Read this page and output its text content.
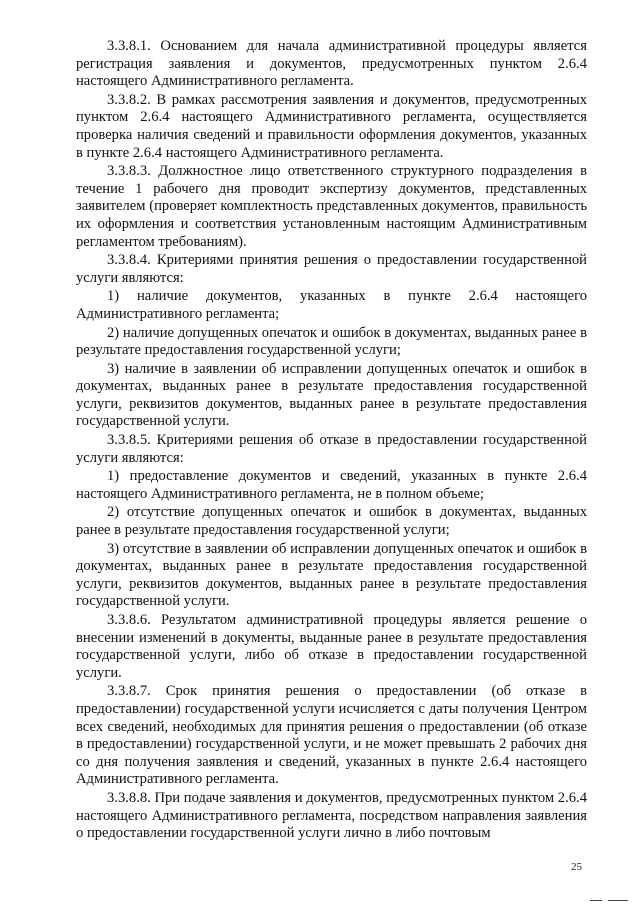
3.3.8.1. Основанием для начала административной процедуры является регистрация заявления и документов, предусмотренных пунктом 2.6.4 настоящего Административного регламента.

3.3.8.2. В рамках рассмотрения заявления и документов, предусмотренных пунктом 2.6.4 настоящего Административного регламента, осуществляется проверка наличия сведений и правильности оформления документов, указанных в пункте 2.6.4 настоящего Административного регламента.

3.3.8.3. Должностное лицо ответственного структурного подразделения в течение 1 рабочего дня проводит экспертизу документов, представленных заявителем (проверяет комплектность представленных документов, правильность их оформления и соответствия установленным настоящим Административным регламентом требованиям).

3.3.8.4. Критериями принятия решения о предоставлении государственной услуги являются:

1) наличие документов, указанных в пункте 2.6.4 настоящего Административного регламента;

2) наличие допущенных опечаток и ошибок в документах, выданных ранее в результате предоставления государственной услуги;

3) наличие в заявлении об исправлении допущенных опечаток и ошибок в документах, выданных ранее в результате предоставления государственной услуги, реквизитов документов, выданных ранее в результате предоставления государственной услуги.

3.3.8.5. Критериями решения об отказе в предоставлении государственной услуги являются:

1) предоставление документов и сведений, указанных в пункте 2.6.4 настоящего Административного регламента, не в полном объеме;

2) отсутствие допущенных опечаток и ошибок в документах, выданных ранее в результате предоставления государственной услуги;

3) отсутствие в заявлении об исправлении допущенных опечаток и ошибок в документах, выданных ранее в результате предоставления государственной услуги, реквизитов документов, выданных ранее в результате предоставления государственной услуги.

3.3.8.6. Результатом административной процедуры является решение о внесении изменений в документы, выданные ранее в результате предоставления государственной услуги, либо об отказе в предоставлении государственной услуги.

3.3.8.7. Срок принятия решения о предоставлении (об отказе в предоставлении) государственной услуги исчисляется с даты получения Центром всех сведений, необходимых для принятия решения о предоставлении (об отказе в предоставлении) государственной услуги, и не может превышать 2 рабочих дня со дня получения заявления и сведений, указанных в пункте 2.6.4 настоящего Административного регламента.

3.3.8.8. При подаче заявления и документов, предусмотренных пунктом 2.6.4 настоящего Административного регламента, посредством направления заявления о предоставлении государственной услуги лично в либо почтовым

25
